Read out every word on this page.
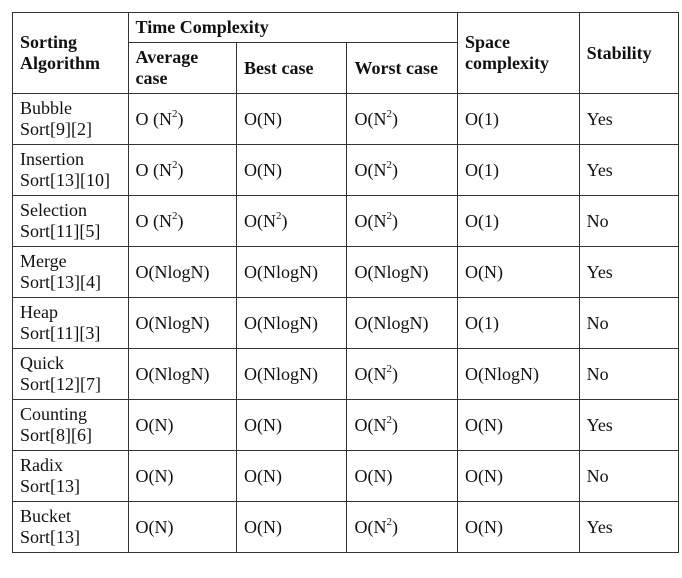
Sorting Algorithm	Time Complexity			Space complexity	Stability
	Average case	Best case	Worst case		
Bubble Sort[9][2]	O $(N^2)$	O(N)	$O(N^2)$	O(1)	Yes
Insertion Sort[13][10]	O $(N^2)$	O(N)	$O(N^2)$	O(1)	Yes
Selection Sort[11][5]	O $(N^2)$	$O(N^2)$	$O(N^2)$	O(1)	No
Merge Sort[13][4]	O(NlogN)	O(NlogN)	O(NlogN)	O(N)	Yes
Heap Sort[11][3]	O(NlogN)	O(NlogN)	O(NlogN)	O(1)	No
Quick Sort[12][7]	O(NlogN)	O(NlogN)	$O(N^2)$	O(NlogN)	No
Counting Sort[8][6]	O(N)	O(N)	$O(N^2)$	O(N)	Yes
Radix Sort[13]	O(N)	O(N)	O(N)	O(N)	No
Bucket Sort[13]	O(N)	O(N)	$O(N^2)$	O(N)	Yes
